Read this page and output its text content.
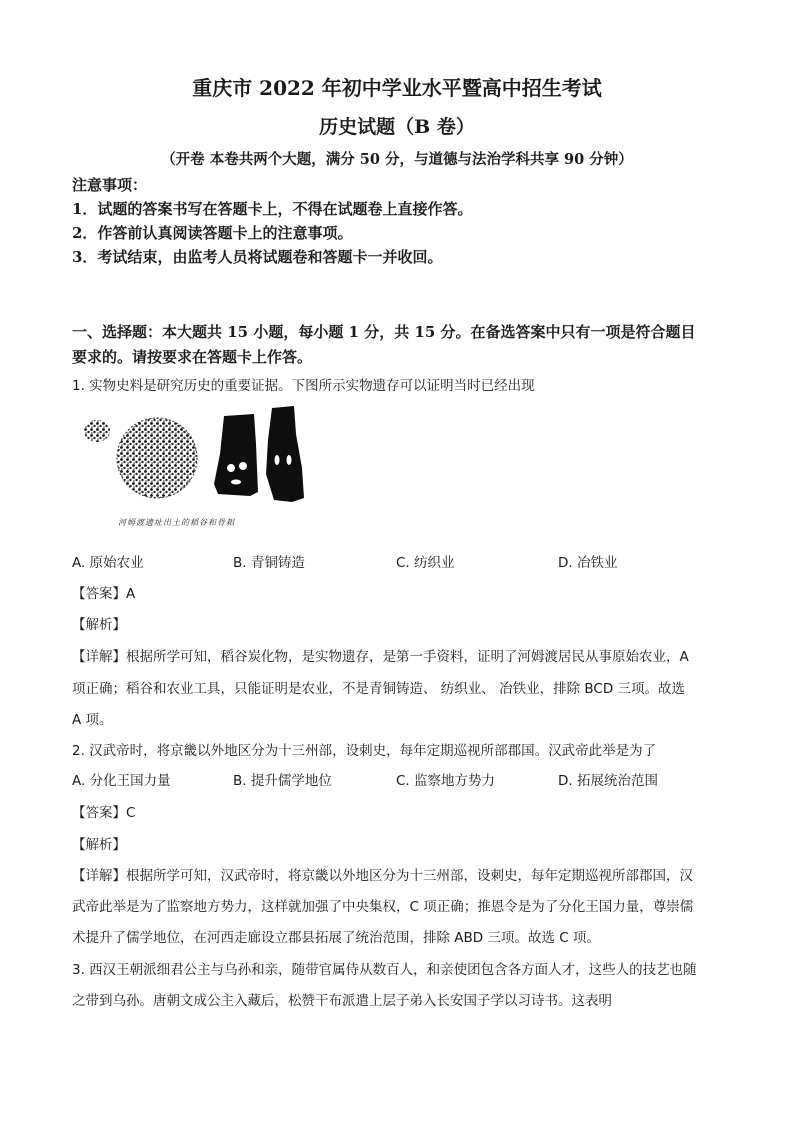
重庆市 2022 年初中学业水平暨高中招生考试
历史试题（B 卷）
（开卷 本卷共两个大题，满分 50 分，与道德与法治学科共享 90 分钟）
注意事项：
1．试题的答案书写在答题卡上，不得在试题卷上直接作答。
2．作答前认真阅读答题卡上的注意事项。
3．考试结束，由监考人员将试题卷和答题卡一并收回。
一、选择题：本大题共 15 小题，每小题 1 分，共 15 分。在备选答案中只有一项是符合题目
要求的。请按要求在答题卡上作答。
1. 实物史料是研究历史的重要证据。下图所示实物遗存可以证明当时已经出现
河姆渡遗址出土的稻谷和骨耜
A. 原始农业	B. 青铜铸造	C. 纺织业	D. 冶铁业
【答案】A
【解析】
【详解】根据所学可知，稻谷炭化物，是实物遗存，是第一手资料，证明了河姆渡居民从事原始农业，A
项正确；稻谷和农业工具，只能证明是农业，不是青铜铸造、 纺织业、 冶铁业，排除 BCD 三项。故选
A 项。
2. 汉武帝时，将京畿以外地区分为十三州部，设刺史，每年定期巡视所部郡国。汉武帝此举是为了
A. 分化王国力量	B. 提升儒学地位	C. 监察地方势力	D. 拓展统治范围
【答案】C
【解析】
【详解】根据所学可知，汉武帝时，将京畿以外地区分为十三州部，设刺史，每年定期巡视所部郡国，汉
武帝此举是为了监察地方势力，这样就加强了中央集权，C 项正确；推恩令是为了分化王国力量，尊崇儒
术提升了儒学地位，在河西走廊设立郡县拓展了统治范围，排除 ABD 三项。故选 C 项。
3. 西汉王朝派细君公主与乌孙和亲，随带官属侍从数百人，和亲使团包含各方面人才，这些人的技艺也随
之带到乌孙。唐朝文成公主入藏后，松赞干布派遣上层子弟入长安国子学以习诗书。这表明
